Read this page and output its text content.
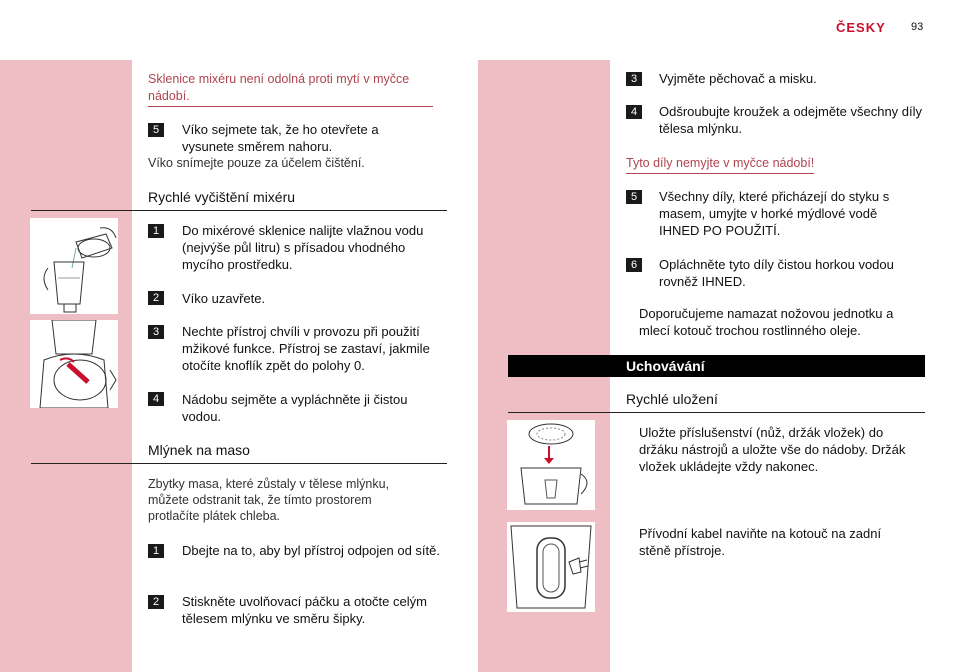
ČESKY 93
Sklenice mixéru není odolná proti mytí v myčce nádobí.
5	Víko sejmete tak, že ho otevřete a vysunete směrem nahoru.
Víko snímejte pouze za účelem čištění.
Rychlé vyčištění mixéru
1	Do mixérové sklenice nalijte vlažnou vodu (nejvýše půl litru) s přísadou vhodného mycího prostředku.
2	Víko uzavřete.
3	Nechte přístroj chvíli v provozu při použití mžikové funkce. Přístroj se zastaví, jakmile otočíte knoflík zpět do polohy 0.
4	Nádobu sejměte a vypláchněte ji čistou vodou.
Mlýnek na maso
Zbytky masa, které zůstaly v tělese mlýnku, můžete odstranit tak, že tímto prostorem protlačíte plátek chleba.
1	Dbejte na to, aby byl přístroj odpojen od sítě.
2	Stiskněte uvolňovací páčku a otočte celým tělesem mlýnku ve směru šipky.
3	Vyjměte pěchovač a misku.
4	Odšroubujte kroužek a odejměte všechny díly tělesa mlýnku.
Tyto díly nemyjte v myčce nádobí!
5	Všechny díly, které přicházejí do styku s masem, umyjte v horké mýdlové vodě IHNED PO POUŽITÍ.
6	Opláchněte tyto díly čistou horkou vodou rovněž IHNED.
Doporučujeme namazat nožovou jednotku a mlecí kotouč trochou rostlinného oleje.
Uchovávání
Rychlé uložení
Uložte příslušenství (nůž, držák vložek) do držáku nástrojů a uložte vše do nádoby. Držák vložek ukládejte vždy nakonec.
Přívodní kabel naviňte na kotouč na zadní stěně přístroje.
